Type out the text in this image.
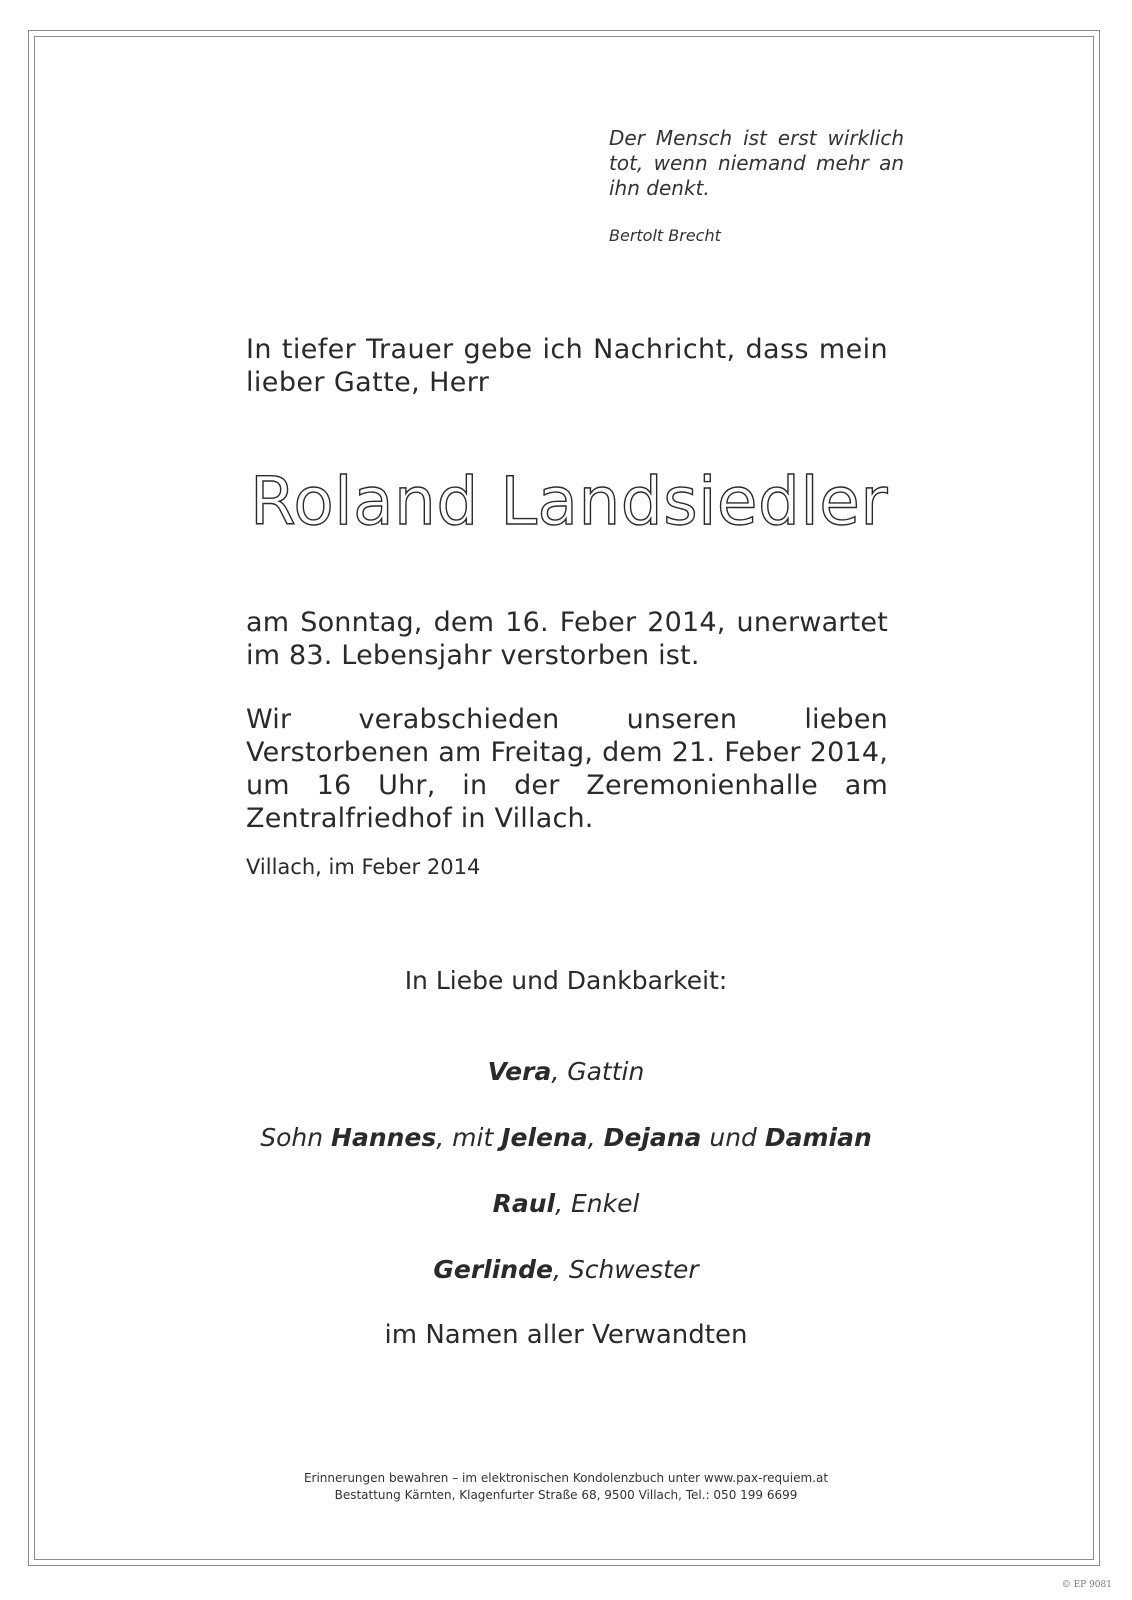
Der Mensch ist erst wirklich tot, wenn niemand mehr an ihn denkt.

Bertolt Brecht

In tiefer Trauer gebe ich Nachricht, dass mein lieber Gatte, Herr

Roland Landsiedler

am Sonntag, dem 16. Feber 2014, unerwartet im 83. Lebensjahr verstorben ist.

Wir verabschieden unseren lieben Verstorbenen am Freitag, dem 21. Feber 2014, um 16 Uhr, in der Zeremonienhalle am Zentralfriedhof in Villach.

Villach, im Feber 2014

In Liebe und Dankbarkeit:

Vera, Gattin

Sohn Hannes, mit Jelena, Dejana und Damian

Raul, Enkel

Gerlinde, Schwester

im Namen aller Verwandten

Erinnerungen bewahren – im elektronischen Kondolenzbuch unter www.pax-requiem.at

Bestattung Kärnten, Klagenfurter Straße 68, 9500 Villach, Tel.: 050 199 6699

© EP 9081
